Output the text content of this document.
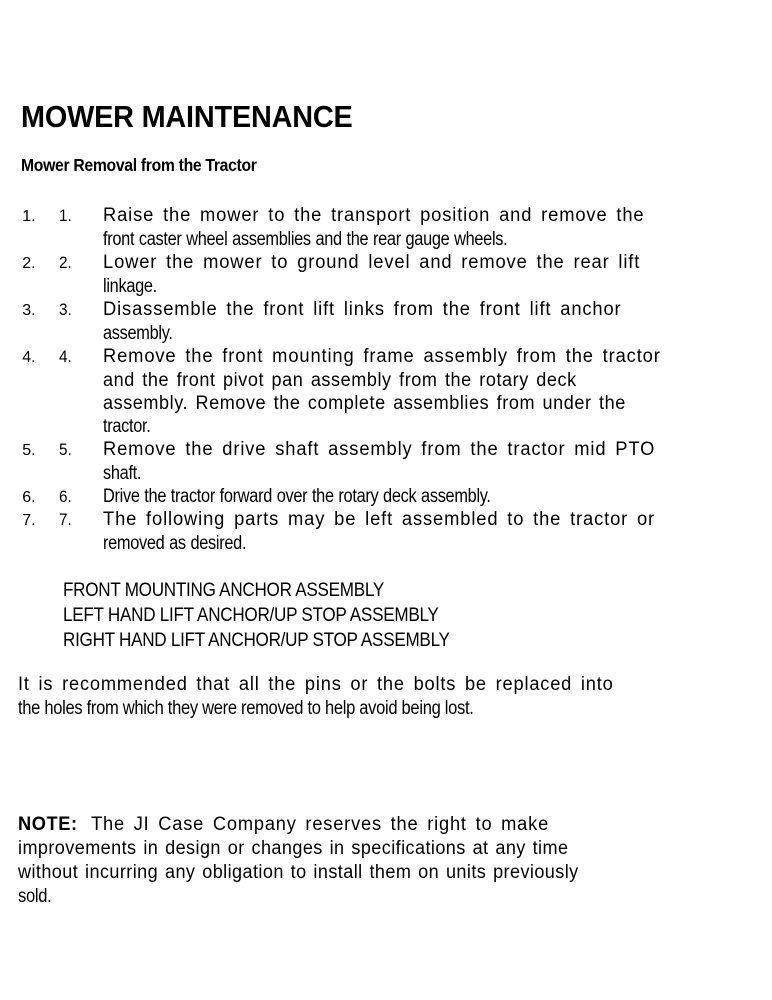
MOWER MAINTENANCE
Mower Removal from the Tractor
1. 1. Raise the mower to the transport position and remove the
front caster wheel assemblies and the rear gauge wheels.
2. 2. Lower the mower to ground level and remove the rear lift
linkage.
3. 3. Disassemble the front lift links from the front lift anchor
assembly.
4. 4. Remove the front mounting frame assembly from the tractor
and the front pivot pan assembly from the rotary deck
assembly. Remove the complete assemblies from under the
tractor.
5. 5. Remove the drive shaft assembly from the tractor mid PTO
shaft.
6. 6. Drive the tractor forward over the rotary deck assembly.
7. 7. The following parts may be left assembled to the tractor or
removed as desired.
FRONT MOUNTING ANCHOR ASSEMBLY
LEFT HAND LIFT ANCHOR/UP STOP ASSEMBLY
RIGHT HAND LIFT ANCHOR/UP STOP ASSEMBLY
It is recommended that all the pins or the bolts be replaced into
the holes from which they were removed to help avoid being lost.
NOTE: The JI Case Company reserves the right to make
improvements in design or changes in specifications at any time
without incurring any obligation to install them on units previously
sold.
